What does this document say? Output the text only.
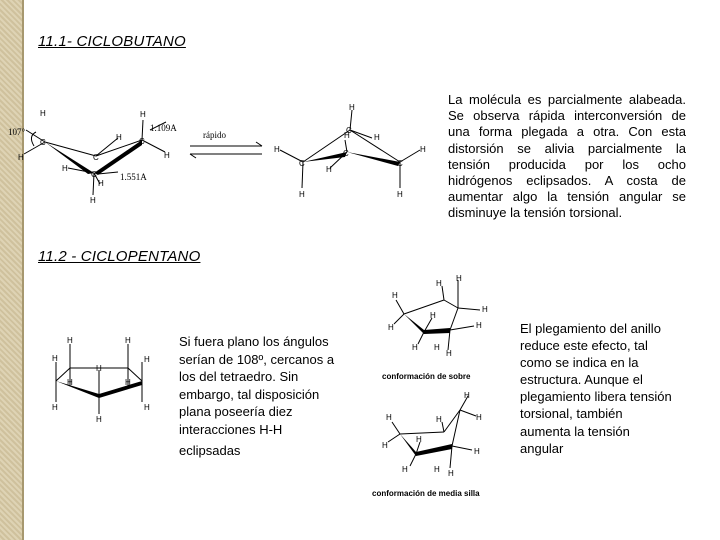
11.1- CICLOBUTANO
C
C
C
C
H
H
H
H
H
H
H
H
107°	1.109A
1.551A
rápido
C
C
C
C
H
H	H
H	H
H
H	H
La molécula es parcialmente alabeada.
Se observa rápida interconversión de
una forma plegada a otra. Con esta
distorsión se alivia parcialmente la
tensión producida por los ocho
hidrógenos eclipsados. A costa de
aumentar algo la tensión angular se
disminuye la tensión torsional.
11.2 - CICLOPENTANO
H	H
H	H
H
H	H
H	H
H
Si fuera plano los ángulos
serían de 108º, cercanos a
los del tetraedro. Sin
embargo, tal disposición
plana poseería diez
interacciones H-H
eclipsadas
H
H
H
H
H
H
H
H H
H
conformación de sobre
H
H
H
H
H
H
H
H	H H
conformación de media silla
El plegamiento del anillo
reduce este efecto, tal
como se indica en la
estructura. Aunque el
plegamiento libera tensión
torsional, también
aumenta la tensión
angular
